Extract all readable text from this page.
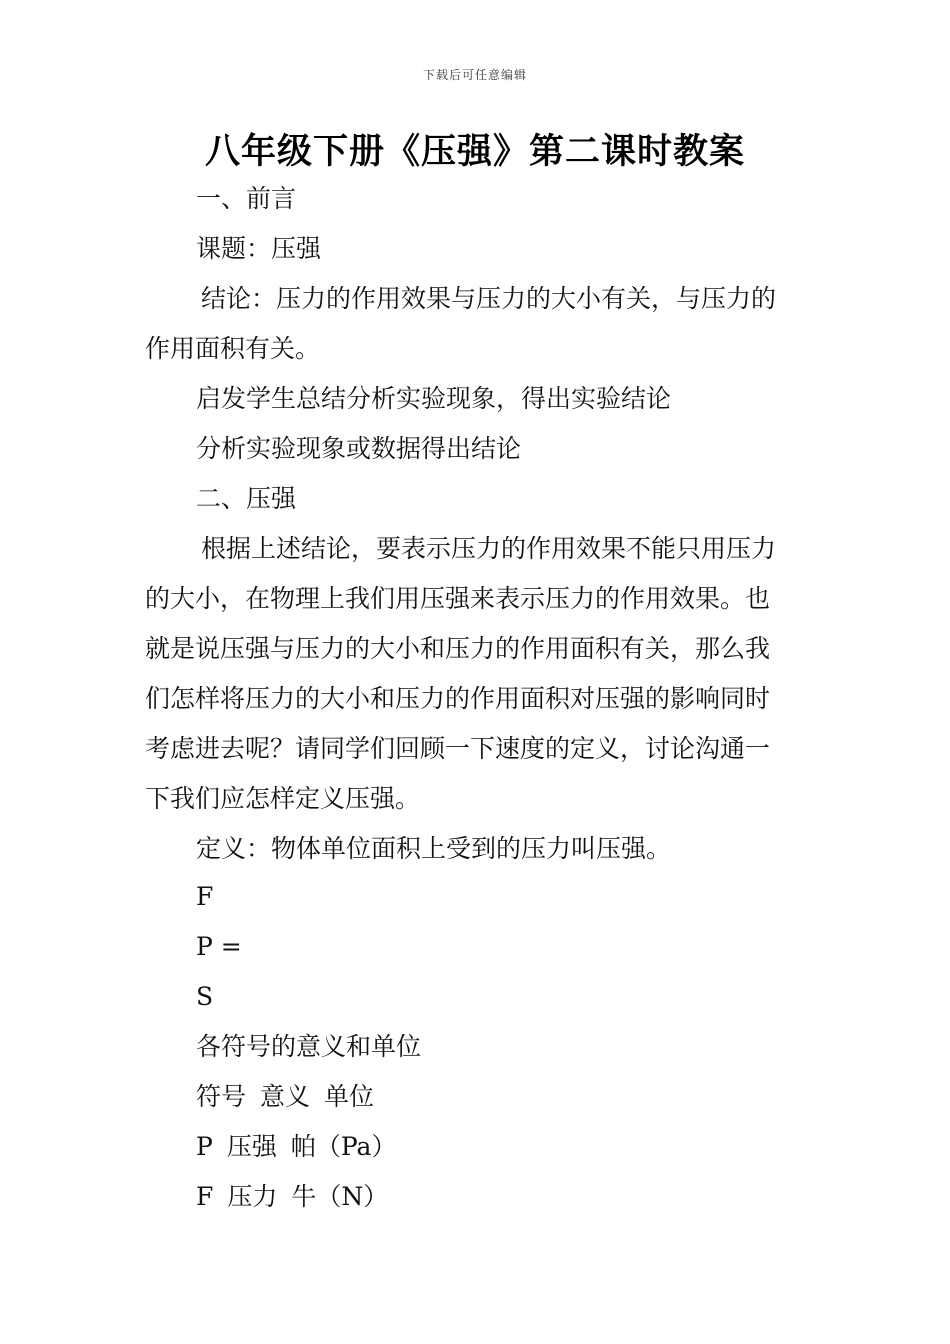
下载后可任意编辑
八年级下册《压强》第二课时教案
一、前言
课题：压强
结论：压力的作用效果与压力的大小有关，与压力的
作用面积有关。
启发学生总结分析实验现象，得出实验结论
分析实验现象或数据得出结论
二、压强
根据上述结论，要表示压力的作用效果不能只用压力
的大小，在物理上我们用压强来表示压力的作用效果。也
就是说压强与压力的大小和压力的作用面积有关，那么我
们怎样将压力的大小和压力的作用面积对压强的影响同时
考虑进去呢？请同学们回顾一下速度的定义，讨论沟通一
下我们应怎样定义压强。
定义：物体单位面积上受到的压力叫压强。
F
P =
S
各符号的意义和单位
符号 意义 单位
P 压强 帕（Pa）
F 压力 牛（N）
